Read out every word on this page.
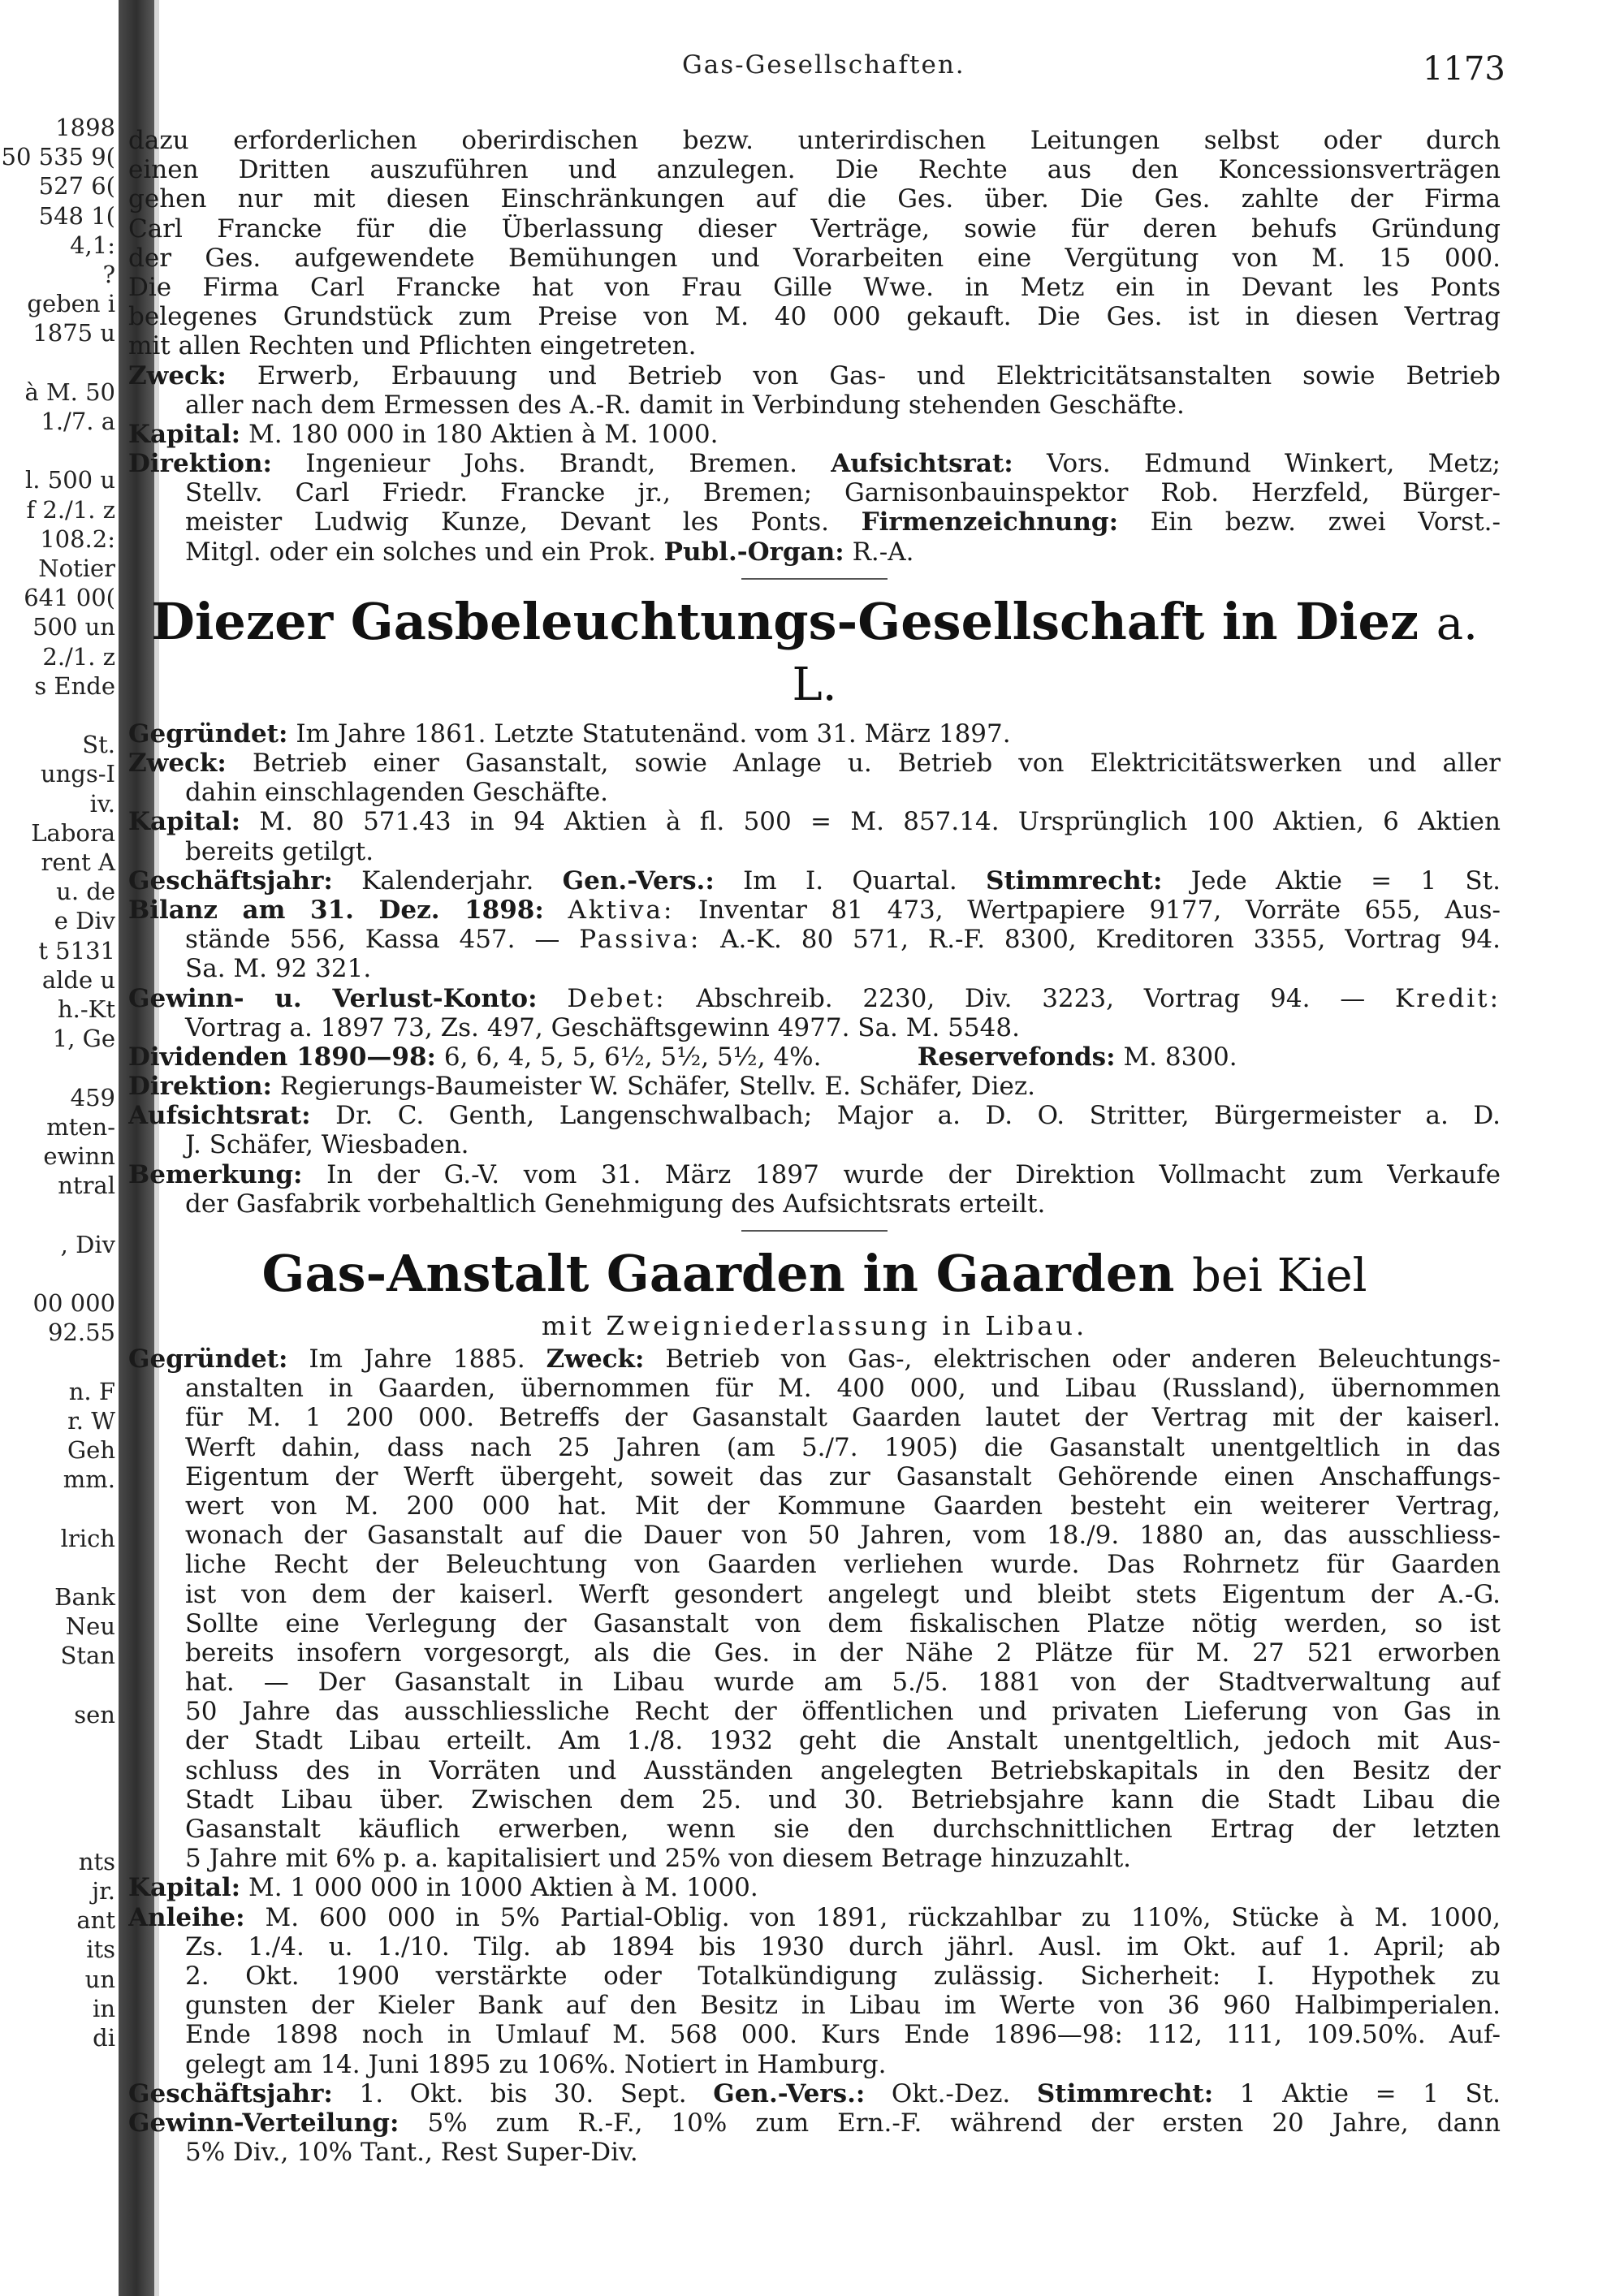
1898
50 535 9(
527 6(
548 1(
4,1:
?
geben i
1875 u
à M. 50
1./7. a
l. 500 u
f 2./1. z
108.2:
Notier
641 00(
500 un
2./1. z
s Ende
St.
ungs-I
iv.
Labora
rent A
u. de
e Div
t 5131
alde u
h.-Kt
1, Ge
459
mten-
ewinn
ntral
, Div
00 000
92.55
n. F
r. W
Geh
mm.
lrich
Bank
Neu
Stan
sen
nts
jr.
ant
its
un
in
di
Gas-Gesellschaften.	1173
dazu erforderlichen oberirdischen bezw. unterirdischen Leitungen selbst oder durch
einen Dritten auszuführen und anzulegen. Die Rechte aus den Koncessionsverträgen
gehen nur mit diesen Einschränkungen auf die Ges. über. Die Ges. zahlte der Firma
Carl Francke für die Überlassung dieser Verträge, sowie für deren behufs Gründung
der Ges. aufgewendete Bemühungen und Vorarbeiten eine Vergütung von M. 15 000.
Die Firma Carl Francke hat von Frau Gille Wwe. in Metz ein in Devant les Ponts
belegenes Grundstück zum Preise von M. 40 000 gekauft. Die Ges. ist in diesen Vertrag
mit allen Rechten und Pflichten eingetreten.
Zweck: Erwerb, Erbauung und Betrieb von Gas- und Elektricitätsanstalten sowie Betrieb
aller nach dem Ermessen des A.-R. damit in Verbindung stehenden Geschäfte.
Kapital: M. 180 000 in 180 Aktien à M. 1000.
Direktion: Ingenieur Johs. Brandt, Bremen. Aufsichtsrat: Vors. Edmund Winkert, Metz;
Stellv. Carl Friedr. Francke jr., Bremen; Garnisonbauinspektor Rob. Herzfeld, Bürger-
meister Ludwig Kunze, Devant les Ponts. Firmenzeichnung: Ein bezw. zwei Vorst.-
Mitgl. oder ein solches und ein Prok. Publ.-Organ: R.-A.
Diezer Gasbeleuchtungs-Gesellschaft in Diez a. L.
Gegründet: Im Jahre 1861. Letzte Statutenänd. vom 31. März 1897.
Zweck: Betrieb einer Gasanstalt, sowie Anlage u. Betrieb von Elektricitätswerken und aller
dahin einschlagenden Geschäfte.
Kapital: M. 80 571.43 in 94 Aktien à fl. 500 = M. 857.14. Ursprünglich 100 Aktien, 6 Aktien
bereits getilgt.
Geschäftsjahr: Kalenderjahr. Gen.-Vers.: Im I. Quartal. Stimmrecht: Jede Aktie = 1 St.
Bilanz am 31. Dez. 1898: Aktiva: Inventar 81 473, Wertpapiere 9177, Vorräte 655, Aus-
stände 556, Kassa 457. — Passiva: A.-K. 80 571, R.-F. 8300, Kreditoren 3355, Vortrag 94.
Sa. M. 92 321.
Gewinn- u. Verlust-Konto: Debet: Abschreib. 2230, Div. 3223, Vortrag 94. — Kredit:
Vortrag a. 1897 73, Zs. 497, Geschäftsgewinn 4977. Sa. M. 5548.
Dividenden 1890—98: 6, 6, 4, 5, 5, 6½, 5½, 5½, 4%.	Reservefonds: M. 8300.
Direktion: Regierungs-Baumeister W. Schäfer, Stellv. E. Schäfer, Diez.
Aufsichtsrat: Dr. C. Genth, Langenschwalbach; Major a. D. O. Stritter, Bürgermeister a. D.
J. Schäfer, Wiesbaden.
Bemerkung: In der G.-V. vom 31. März 1897 wurde der Direktion Vollmacht zum Verkaufe
der Gasfabrik vorbehaltlich Genehmigung des Aufsichtsrats erteilt.
Gas-Anstalt Gaarden in Gaarden bei Kiel
mit Zweigniederlassung in Libau.
Gegründet: Im Jahre 1885. Zweck: Betrieb von Gas-, elektrischen oder anderen Beleuchtungs-
anstalten in Gaarden, übernommen für M. 400 000, und Libau (Russland), übernommen
für M. 1 200 000. Betreffs der Gasanstalt Gaarden lautet der Vertrag mit der kaiserl.
Werft dahin, dass nach 25 Jahren (am 5./7. 1905) die Gasanstalt unentgeltlich in das
Eigentum der Werft übergeht, soweit das zur Gasanstalt Gehörende einen Anschaffungs-
wert von M. 200 000 hat. Mit der Kommune Gaarden besteht ein weiterer Vertrag,
wonach der Gasanstalt auf die Dauer von 50 Jahren, vom 18./9. 1880 an, das ausschliess-
liche Recht der Beleuchtung von Gaarden verliehen wurde. Das Rohrnetz für Gaarden
ist von dem der kaiserl. Werft gesondert angelegt und bleibt stets Eigentum der A.-G.
Sollte eine Verlegung der Gasanstalt von dem fiskalischen Platze nötig werden, so ist
bereits insofern vorgesorgt, als die Ges. in der Nähe 2 Plätze für M. 27 521 erworben
hat. — Der Gasanstalt in Libau wurde am 5./5. 1881 von der Stadtverwaltung auf
50 Jahre das ausschliessliche Recht der öffentlichen und privaten Lieferung von Gas in
der Stadt Libau erteilt. Am 1./8. 1932 geht die Anstalt unentgeltlich, jedoch mit Aus-
schluss des in Vorräten und Ausständen angelegten Betriebskapitals in den Besitz der
Stadt Libau über. Zwischen dem 25. und 30. Betriebsjahre kann die Stadt Libau die
Gasanstalt käuflich erwerben, wenn sie den durchschnittlichen Ertrag der letzten
5 Jahre mit 6% p. a. kapitalisiert und 25% von diesem Betrage hinzuzahlt.
Kapital: M. 1 000 000 in 1000 Aktien à M. 1000.
Anleihe: M. 600 000 in 5% Partial-Oblig. von 1891, rückzahlbar zu 110%, Stücke à M. 1000,
Zs. 1./4. u. 1./10. Tilg. ab 1894 bis 1930 durch jährl. Ausl. im Okt. auf 1. April; ab
2. Okt. 1900 verstärkte oder Totalkündigung zulässig. Sicherheit: I. Hypothek zu
gunsten der Kieler Bank auf den Besitz in Libau im Werte von 36 960 Halbimperialen.
Ende 1898 noch in Umlauf M. 568 000. Kurs Ende 1896—98: 112, 111, 109.50%. Auf-
gelegt am 14. Juni 1895 zu 106%. Notiert in Hamburg.
Geschäftsjahr: 1. Okt. bis 30. Sept. Gen.-Vers.: Okt.-Dez. Stimmrecht: 1 Aktie = 1 St.
Gewinn-Verteilung: 5% zum R.-F., 10% zum Ern.-F. während der ersten 20 Jahre, dann
5% Div., 10% Tant., Rest Super-Div.
